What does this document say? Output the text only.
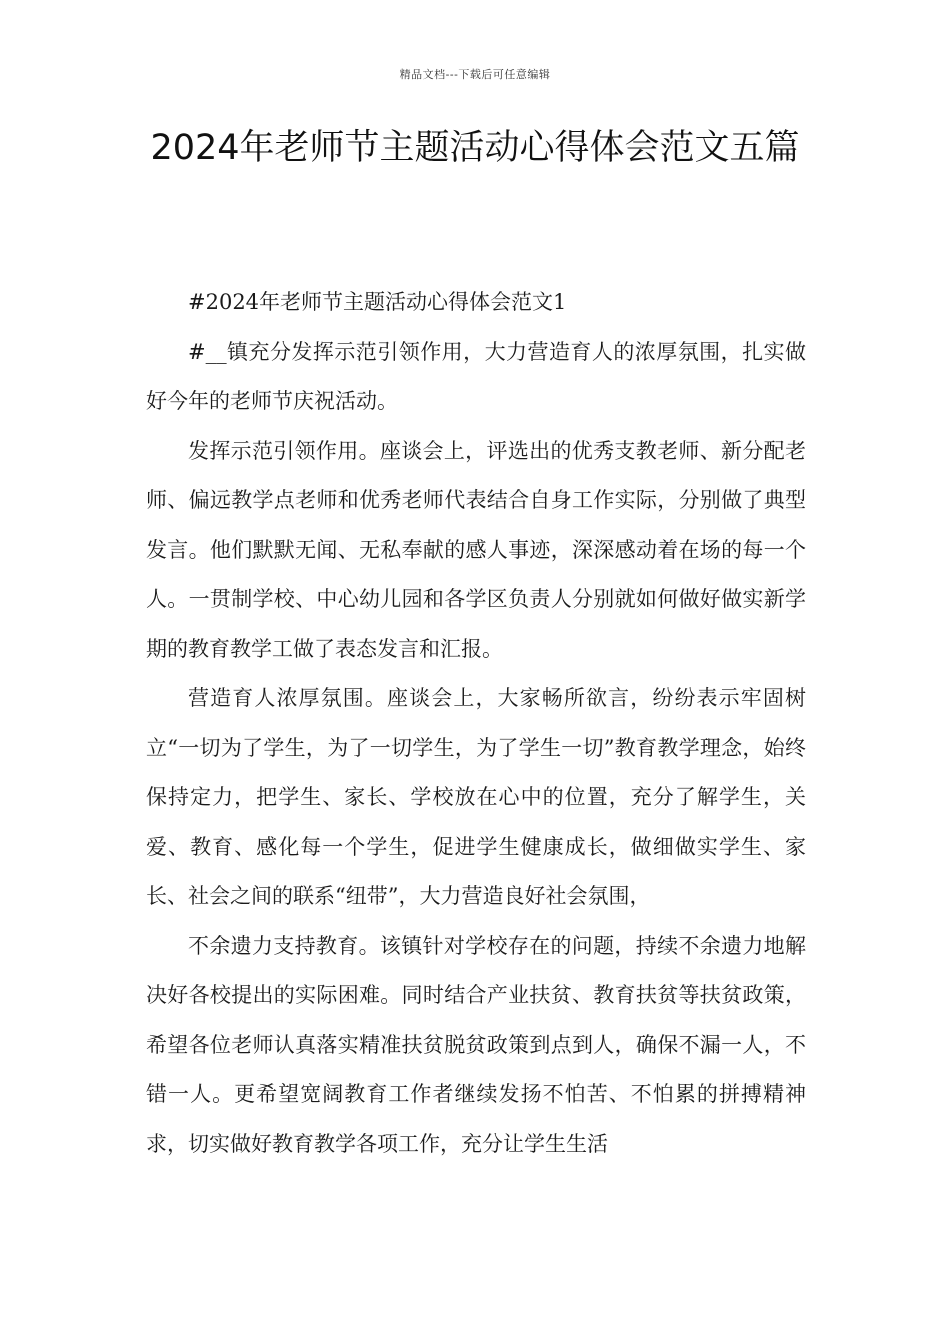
精品文档---下载后可任意编辑
2024年老师节主题活动心得体会范文五篇

#2024年老师节主题活动心得体会范文1

#__镇充分发挥示范引领作用，大力营造育人的浓厚氛围，扎实做好今年的老师节庆祝活动。

发挥示范引领作用。座谈会上，评选出的优秀支教老师、新分配老师、偏远教学点老师和优秀老师代表结合自身工作实际，分别做了典型发言。他们默默无闻、无私奉献的感人事迹，深深感动着在场的每一个人。一贯制学校、中心幼儿园和各学区负责人分别就如何做好做实新学期的教育教学工做了表态发言和汇报。

营造育人浓厚氛围。座谈会上，大家畅所欲言，纷纷表示牢固树立“一切为了学生，为了一切学生，为了学生一切”教育教学理念，始终保持定力，把学生、家长、学校放在心中的位置，充分了解学生，关爱、教育、感化每一个学生，促进学生健康成长，做细做实学生、家长、社会之间的联系“纽带”，大力营造良好社会氛围，

不余遗力支持教育。该镇针对学校存在的问题，持续不余遗力地解决好各校提出的实际困难。同时结合产业扶贫、教育扶贫等扶贫政策，希望各位老师认真落实精准扶贫脱贫政策到点到人，确保不漏一人，不错一人。更希望宽阔教育工作者继续发扬不怕苦、不怕累的拼搏精神求，切实做好教育教学各项工作，充分让学生生活
